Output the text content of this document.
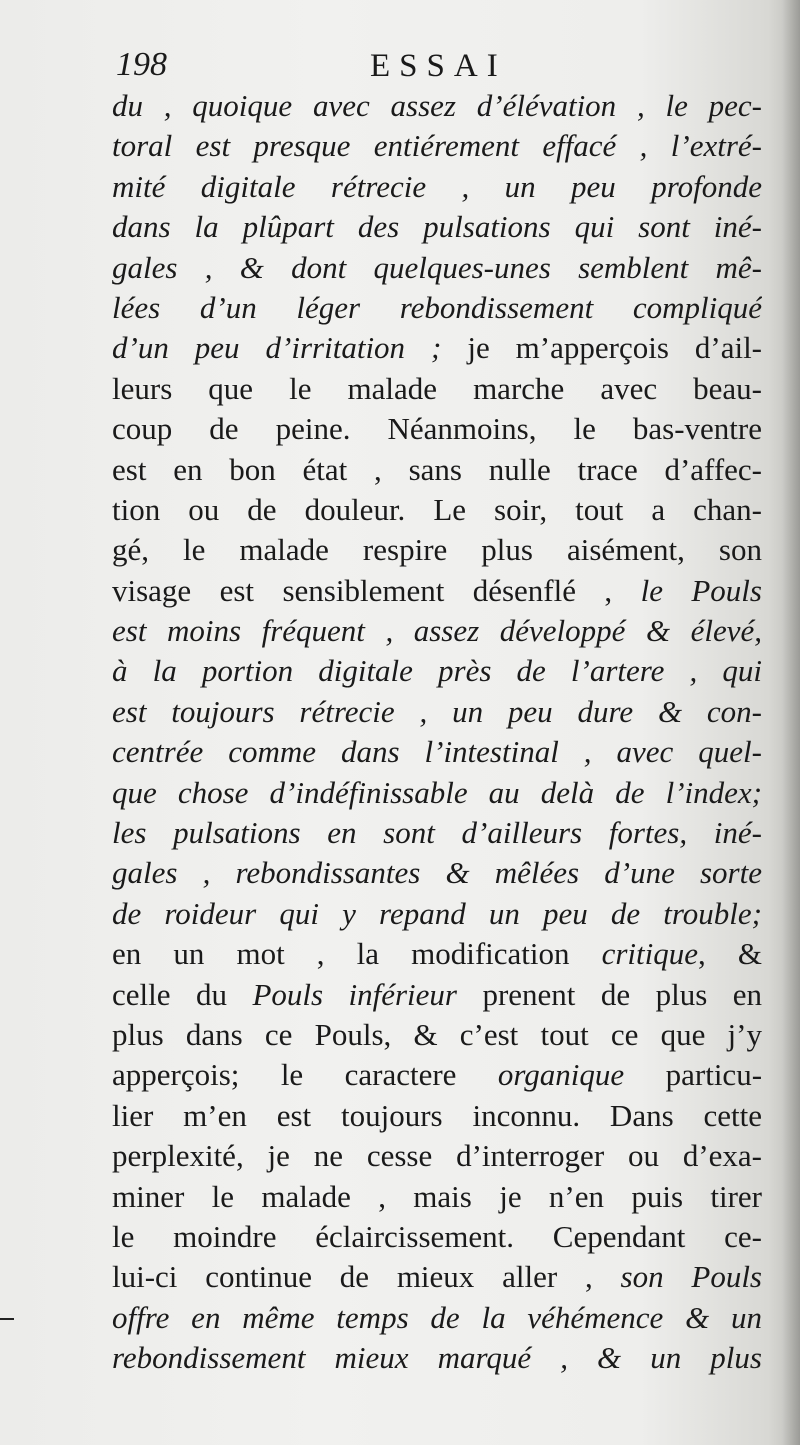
198	ESSAI
du , quoique avec assez d’élévation , le pec-
toral est presque entiérement effacé , l’extré-
mité digitale rétrecie , un peu profonde
dans la plûpart des pulsations qui sont iné-
gales , & dont quelques-unes semblent mê-
lées d’un léger rebondissement compliqué
d’un peu d’irritation ; je m’apperçois d’ail-
leurs que le malade marche avec beau-
coup de peine. Néanmoins, le bas-ventre
est en bon état , sans nulle trace d’affec-
tion ou de douleur. Le soir, tout a chan-
gé, le malade respire plus aisément, son
visage est sensiblement désenflé , le Pouls
est moins fréquent , assez développé & élevé,
à la portion digitale près de l’artere , qui
est toujours rétrecie , un peu dure & con-
centrée comme dans l’intestinal , avec quel-
que chose d’indéfinissable au delà de l’index;
les pulsations en sont d’ailleurs fortes, iné-
gales , rebondissantes & mêlées d’une sorte
de roideur qui y repand un peu de trouble;
en un mot , la modification critique, &
celle du Pouls inférieur prenent de plus en
plus dans ce Pouls, & c’est tout ce que j’y
apperçois; le caractere organique particu-
lier m’en est toujours inconnu. Dans cette
perplexité, je ne cesse d’interroger ou d’exa-
miner le malade , mais je n’en puis tirer
le moindre éclaircissement. Cependant ce-
lui-ci continue de mieux aller , son Pouls
offre en même temps de la véhémence & un
rebondissement mieux marqué , & un plus
